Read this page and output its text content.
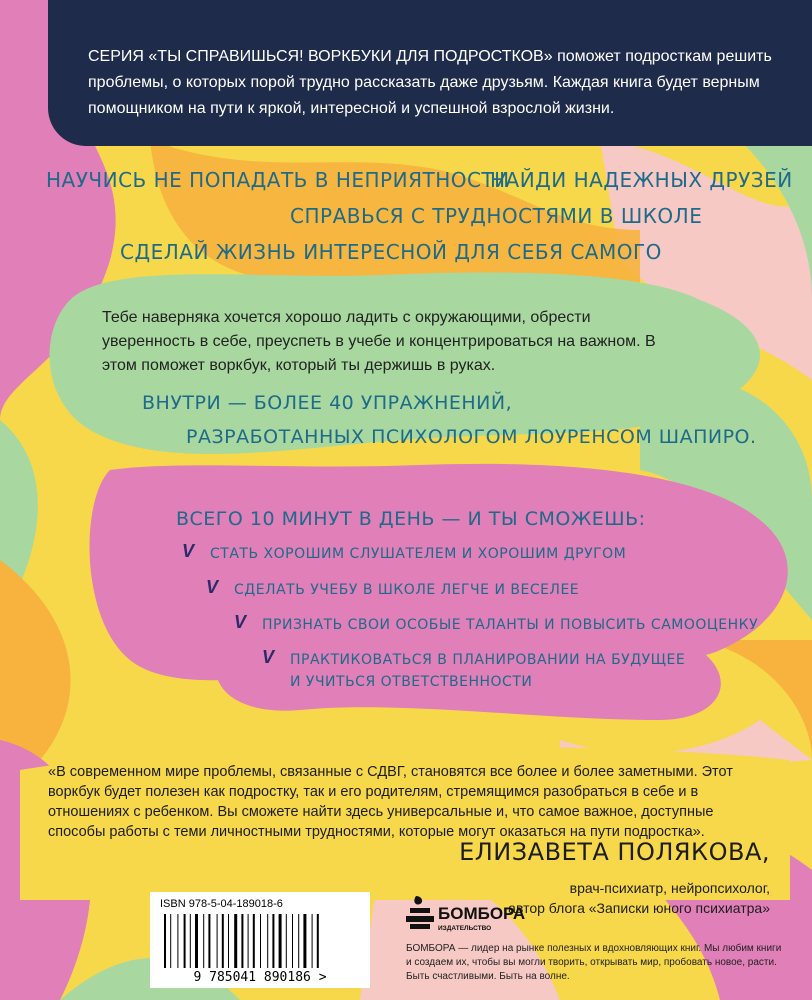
СЕРИЯ «ТЫ СПРАВИШЬСЯ! ВОРКБУКИ ДЛЯ ПОДРОСТКОВ» поможет подросткам решить проблемы, о которых порой трудно рассказать даже друзьям. Каждая книга будет верным помощником на пути к яркой, интересной и успешной взрослой жизни.
НАУЧИСЬ НЕ ПОПАДАТЬ В НЕПРИЯТНОСТИ
НАЙДИ НАДЕЖНЫХ ДРУЗЕЙ
СПРАВЬСЯ С ТРУДНОСТЯМИ В ШКОЛЕ
СДЕЛАЙ ЖИЗНЬ ИНТЕРЕСНОЙ ДЛЯ СЕБЯ САМОГО
Тебе наверняка хочется хорошо ладить с окружающими, обрести уверенность в себе, преуспеть в учебе и концентрироваться на важном. В этом поможет воркбук, который ты держишь в руках.
ВНУТРИ — БОЛЕЕ 40 УПРАЖНЕНИЙ,
РАЗРАБОТАННЫХ ПСИХОЛОГОМ ЛОУРЕНСОМ ШАПИРО.
ВСЕГО 10 МИНУТ В ДЕНЬ — И ТЫ СМОЖЕШЬ:
V СТАТЬ ХОРОШИМ СЛУШАТЕЛЕМ И ХОРОШИМ ДРУГОМ
V СДЕЛАТЬ УЧЕБУ В ШКОЛЕ ЛЕГЧЕ И ВЕСЕЛЕЕ
V ПРИЗНАТЬ СВОИ ОСОБЫЕ ТАЛАНТЫ И ПОВЫСИТЬ САМООЦЕНКУ
V ПРАКТИКОВАТЬСЯ В ПЛАНИРОВАНИИ НА БУДУЩЕЕ
И УЧИТЬСЯ ОТВЕТСТВЕННОСТИ
«В современном мире проблемы, связанные с СДВГ, становятся все более и более заметными. Этот воркбук будет полезен как подростку, так и его родителям, стремящимся разобраться в себе и в отношениях с ребенком. Вы сможете найти здесь универсальные и, что самое важное, доступные способы работы с теми личностными трудностями, которые могут оказаться на пути подростка».
ЕЛИЗАВЕТА ПОЛЯКОВА,
врач-психиатр, нейропсихолог,
автор блога «Записки юного психиатра»
ISBN 978-5-04-189018-6
9 785041 890186 >
БОМБОРА
ИЗДАТЕЛЬСТВО
БОМБОРА — лидер на рынке полезных и вдохновляющих книг. Мы любим книги и создаем их, чтобы вы могли творить, открывать мир, пробовать новое, расти. Быть счастливыми. Быть на волне.
